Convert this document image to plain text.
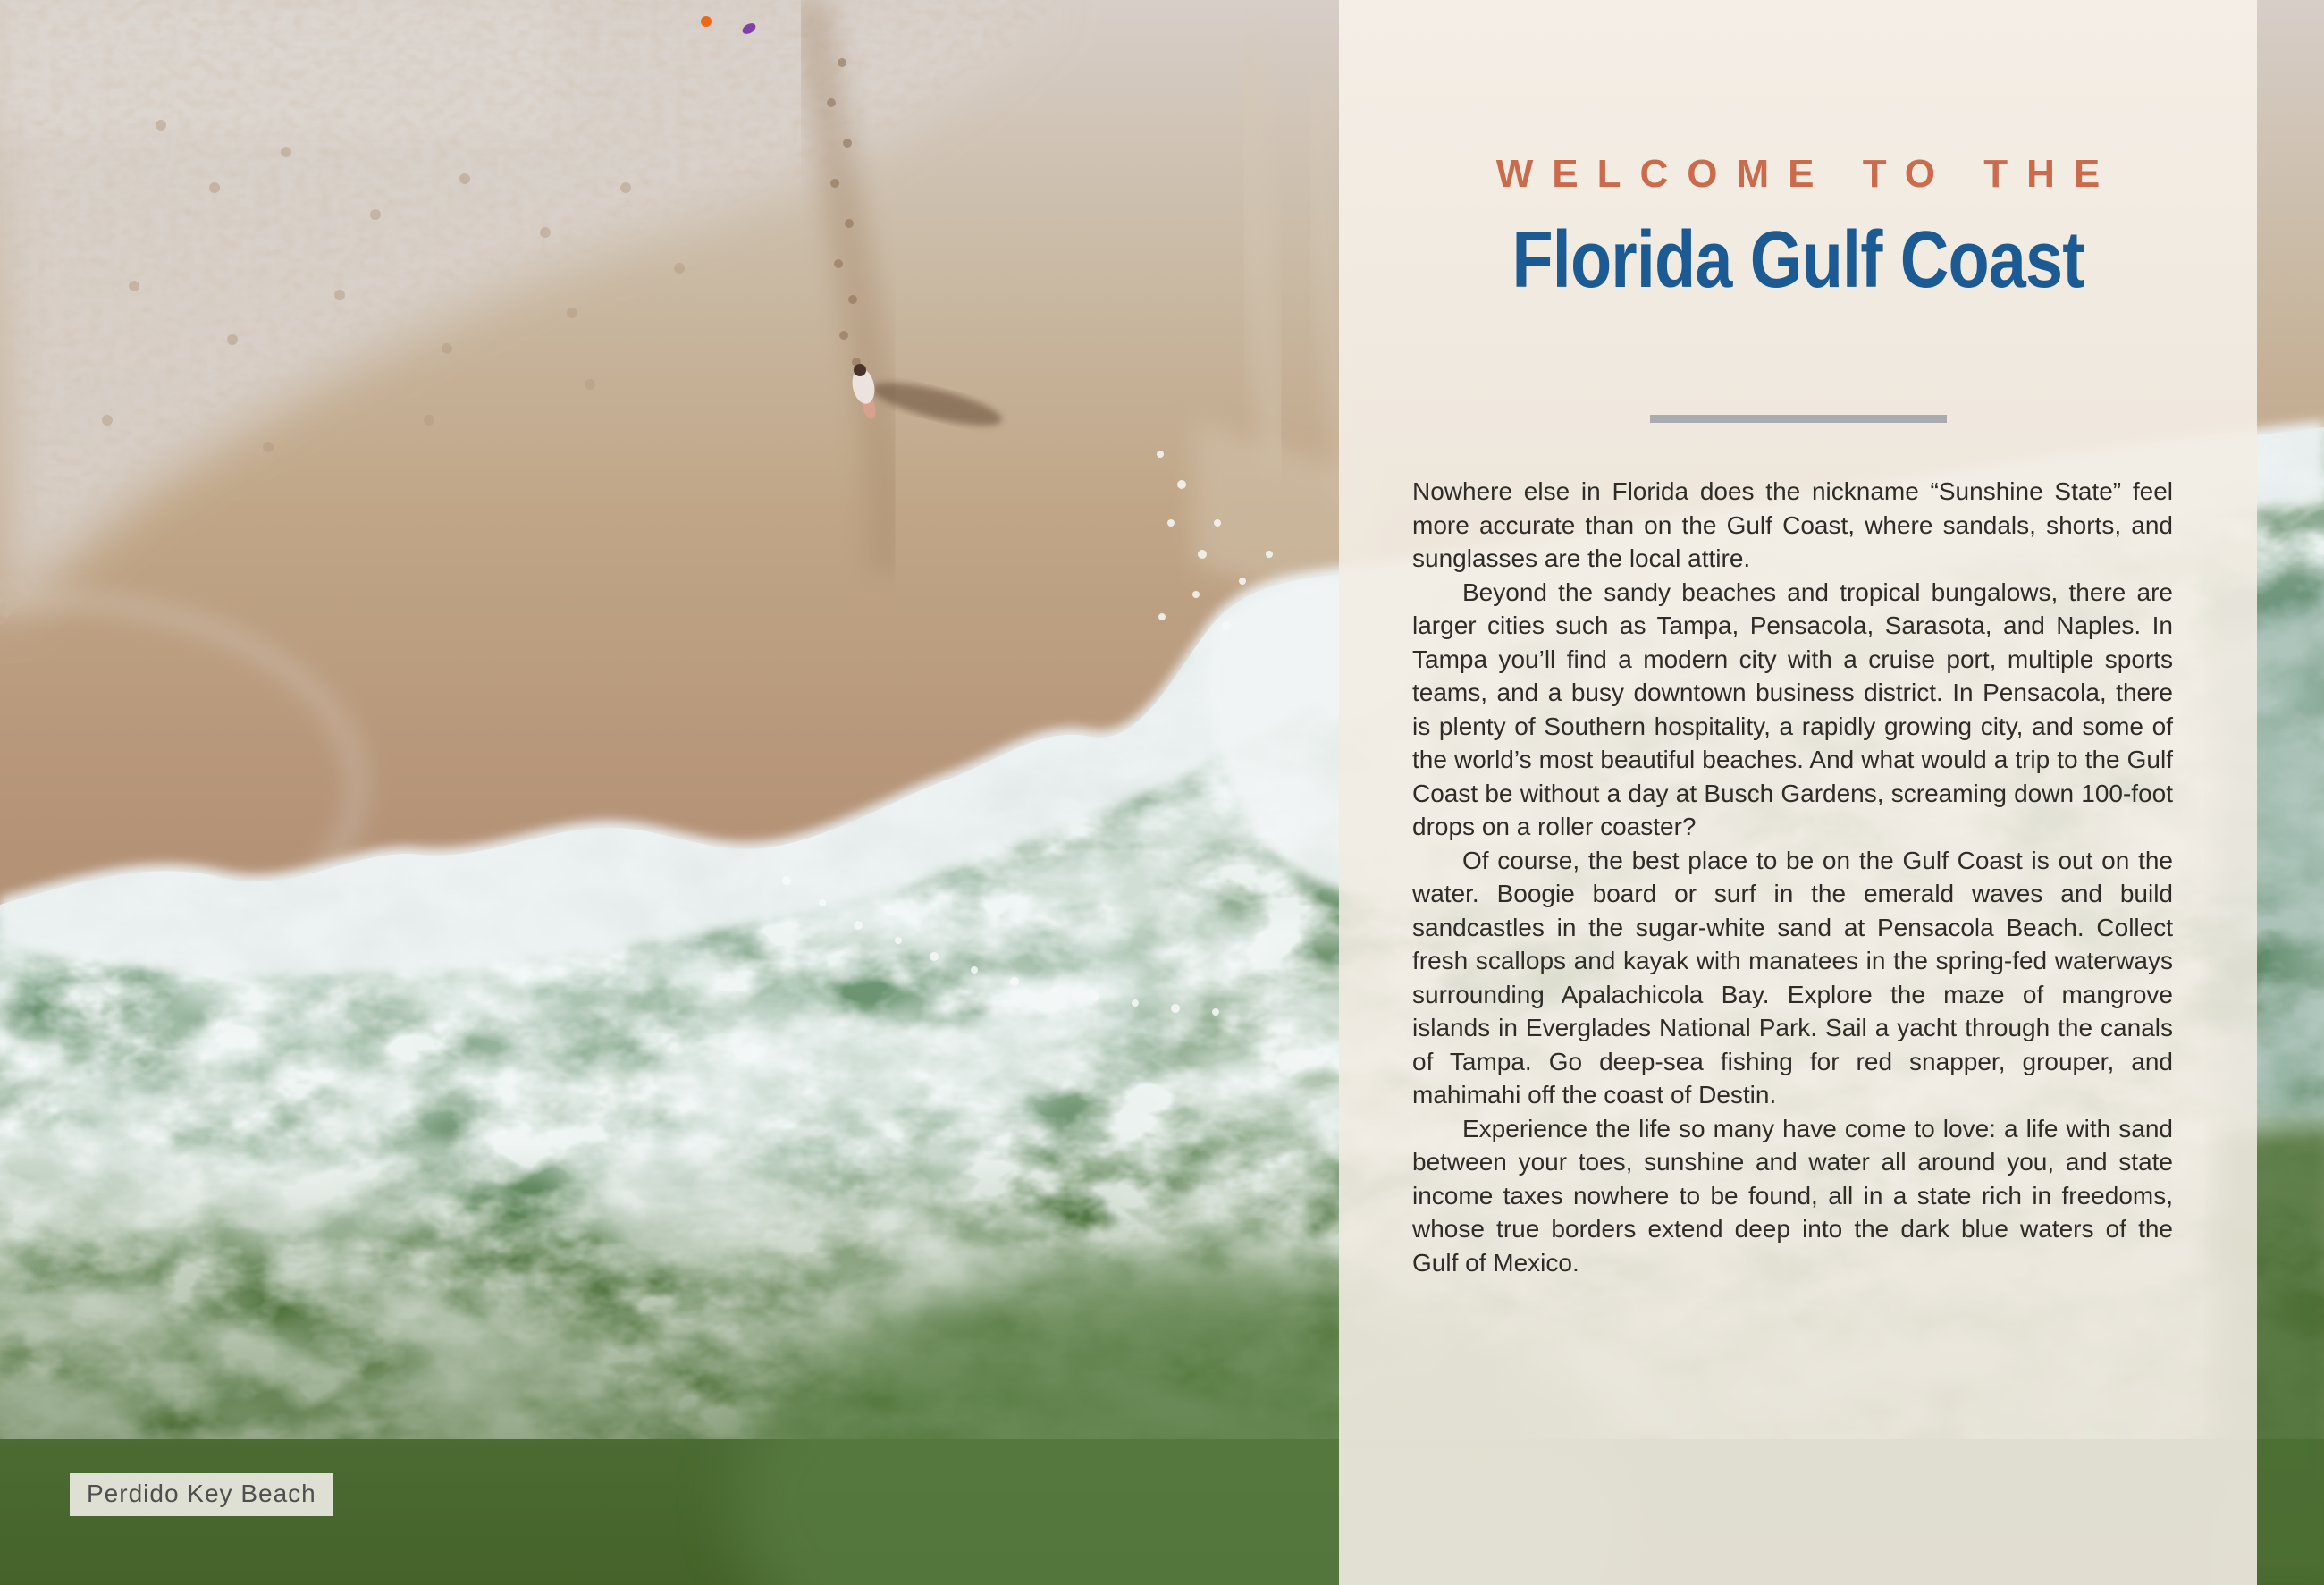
WELCOME TO THE
Florida Gulf Coast

Nowhere else in Florida does the nickname “Sunshine State” feel more accurate than on the Gulf Coast, where sandals, shorts, and sunglasses are the local attire.

Beyond the sandy beaches and tropical bungalows, there are larger cities such as Tampa, Pensacola, Sarasota, and Naples. In Tampa you’ll find a modern city with a cruise port, multiple sports teams, and a busy downtown business district. In Pensacola, there is plenty of Southern hospitality, a rapidly growing city, and some of the world’s most beautiful beaches. And what would a trip to the Gulf Coast be without a day at Busch Gardens, screaming down 100-foot drops on a roller coaster?

Of course, the best place to be on the Gulf Coast is out on the water. Boogie board or surf in the emerald waves and build sandcastles in the sugar-white sand at Pensacola Beach. Collect fresh scallops and kayak with manatees in the spring-fed waterways surrounding Apalachicola Bay. Explore the maze of mangrove islands in Everglades National Park. Sail a yacht through the canals of Tampa. Go deep-sea fishing for red snapper, grouper, and mahimahi off the coast of Destin.

Experience the life so many have come to love: a life with sand between your toes, sunshine and water all around you, and state income taxes nowhere to be found, all in a state rich in freedoms, whose true borders extend deep into the dark blue waters of the Gulf of Mexico.

Perdido Key Beach
